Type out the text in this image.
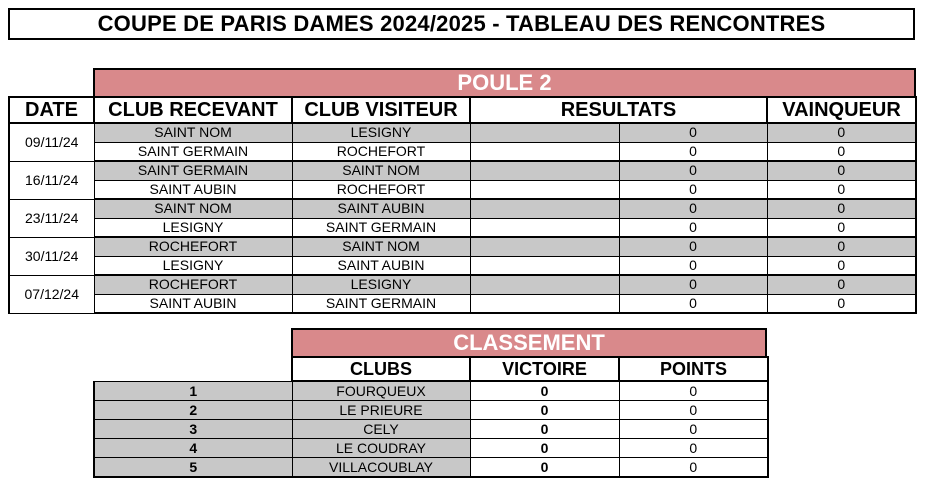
COUPE DE PARIS DAMES 2024/2025 - TABLEAU DES RENCONTRES
POULE 2
DATE	CLUB RECEVANT	CLUB VISITEUR	RESULTATS		VAINQUEUR
09/11/24	SAINT NOM	LESIGNY		0	0
	SAINT GERMAIN	ROCHEFORT		0	0
16/11/24	SAINT GERMAIN	SAINT NOM		0	0
	SAINT AUBIN	ROCHEFORT		0	0
23/11/24	SAINT NOM	SAINT AUBIN		0	0
	LESIGNY	SAINT GERMAIN		0	0
30/11/24	ROCHEFORT	SAINT NOM		0	0
	LESIGNY	SAINT AUBIN		0	0
07/12/24	ROCHEFORT	LESIGNY		0	0
	SAINT AUBIN	SAINT GERMAIN		0	0
CLASSEMENT
	CLUBS	VICTOIRE	POINTS
1	FOURQUEUX	0	0
2	LE PRIEURE	0	0
3	CELY	0	0
4	LE COUDRAY	0	0
5	VILLACOUBLAY	0	0
